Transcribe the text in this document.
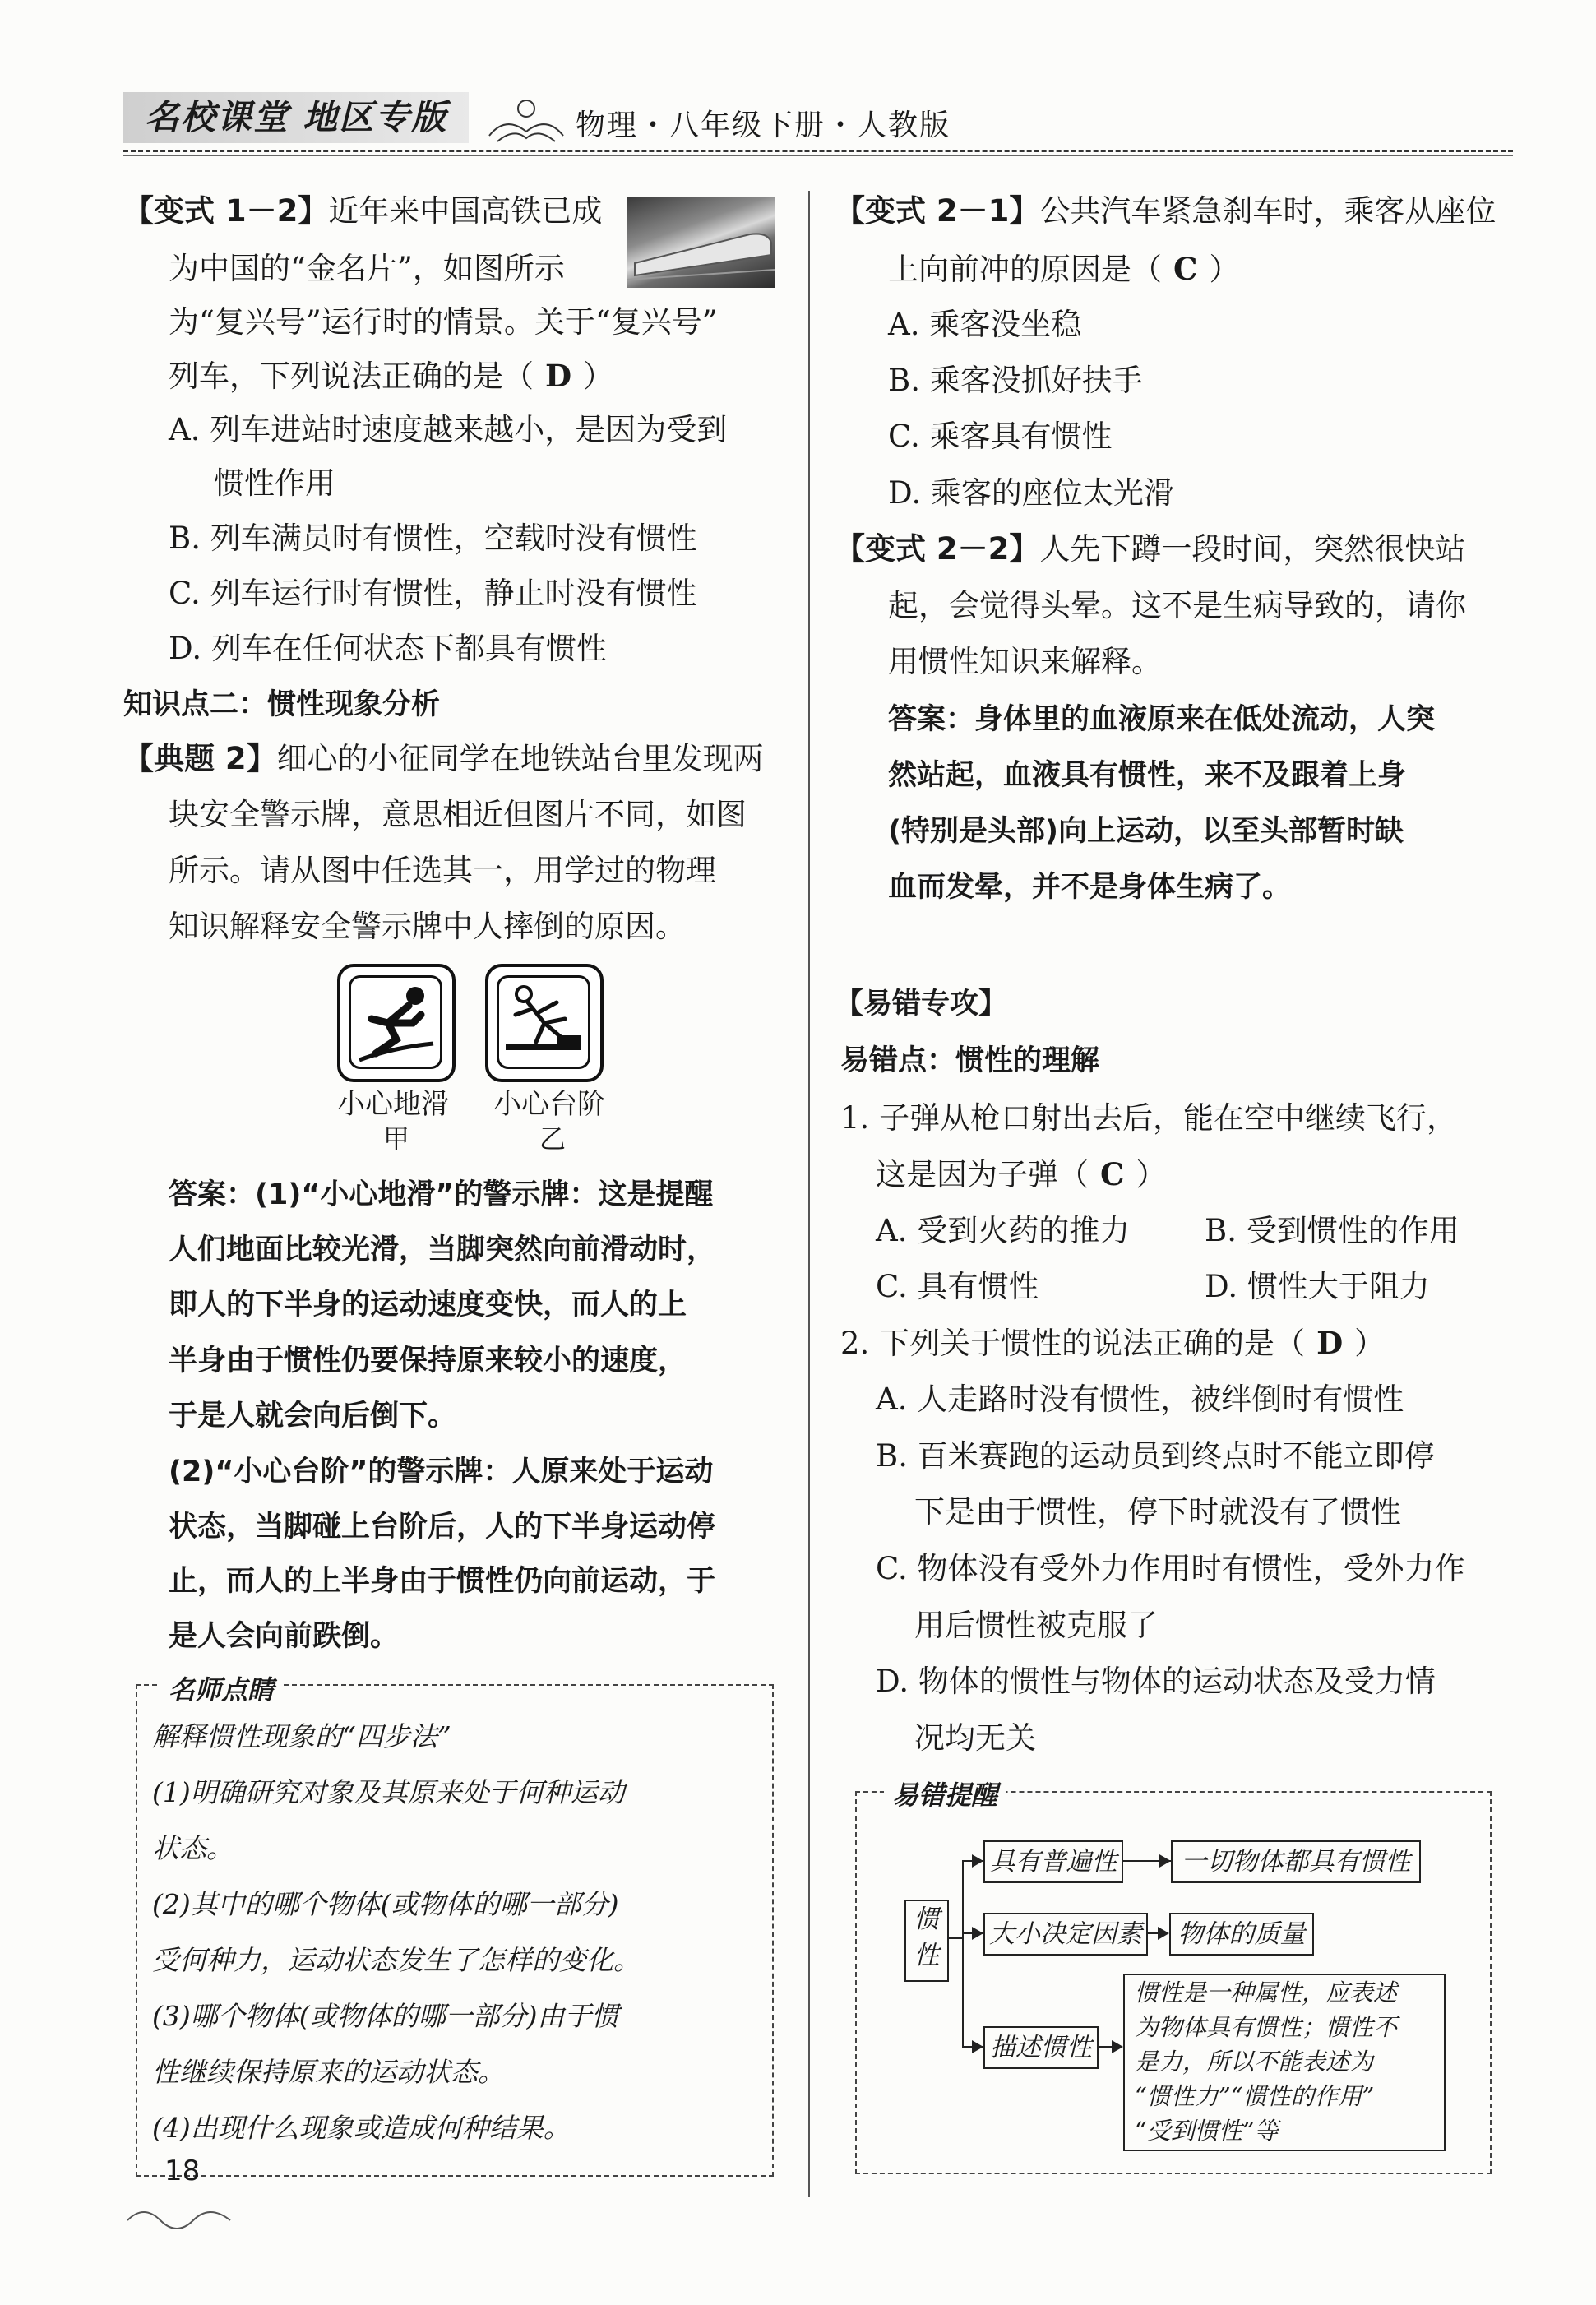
名校课堂 地区专版	物理・八年级下册・人教版
【变式 1－2】近年来中国高铁已成
为中国的“金名片”，如图所示
为“复兴号”运行时的情景。关于“复兴号”
列车，下列说法正确的是（ D ）
A. 列车进站时速度越来越小，是因为受到
惯性作用
B. 列车满员时有惯性，空载时没有惯性
C. 列车运行时有惯性，静止时没有惯性
D. 列车在任何状态下都具有惯性
知识点二：惯性现象分析
【典题 2】细心的小征同学在地铁站台里发现两
块安全警示牌，意思相近但图片不同，如图
所示。请从图中任选其一，用学过的物理
知识解释安全警示牌中人摔倒的原因。
小心地滑
甲
小心台阶
乙
答案：(1)“小心地滑”的警示牌：这是提醒
人们地面比较光滑，当脚突然向前滑动时，
即人的下半身的运动速度变快，而人的上
半身由于惯性仍要保持原来较小的速度，
于是人就会向后倒下。
(2)“小心台阶”的警示牌：人原来处于运动
状态，当脚碰上台阶后，人的下半身运动停
止，而人的上半身由于惯性仍向前运动，于
是人会向前跌倒。
名师点睛
解释惯性现象的“四步法”
(1)明确研究对象及其原来处于何种运动
状态。
(2)其中的哪个物体(或物体的哪一部分)
受何种力，运动状态发生了怎样的变化。
(3)哪个物体(或物体的哪一部分)由于惯
性继续保持原来的运动状态。
(4)出现什么现象或造成何种结果。
18
【变式 2－1】公共汽车紧急刹车时，乘客从座位
上向前冲的原因是（ C ）
A. 乘客没坐稳
B. 乘客没抓好扶手
C. 乘客具有惯性
D. 乘客的座位太光滑
【变式 2－2】人先下蹲一段时间，突然很快站
起，会觉得头晕。这不是生病导致的，请你
用惯性知识来解释。
答案：身体里的血液原来在低处流动，人突
然站起，血液具有惯性，来不及跟着上身
(特别是头部)向上运动，以至头部暂时缺
血而发晕，并不是身体生病了。
【易错专攻】
易错点：惯性的理解
1. 子弹从枪口射出去后，能在空中继续飞行，
这是因为子弹（ C ）
A. 受到火药的推力 B. 受到惯性的作用
C. 具有惯性	D. 惯性大于阻力
2. 下列关于惯性的说法正确的是（ D ）
A. 人走路时没有惯性，被绊倒时有惯性
B. 百米赛跑的运动员到终点时不能立即停
下是由于惯性，停下时就没有了惯性
C. 物体没有受外力作用时有惯性，受外力作
用后惯性被克服了
D. 物体的惯性与物体的运动状态及受力情
况均无关
易错提醒
惯
性
具有普遍性	一切物体都具有惯性
大小决定因素	物体的质量
描述惯性
惯性是一种属性，应表述
为物体具有惯性；惯性不
是力，所以不能表述为
“惯性力”“惯性的作用”
“受到惯性”等
